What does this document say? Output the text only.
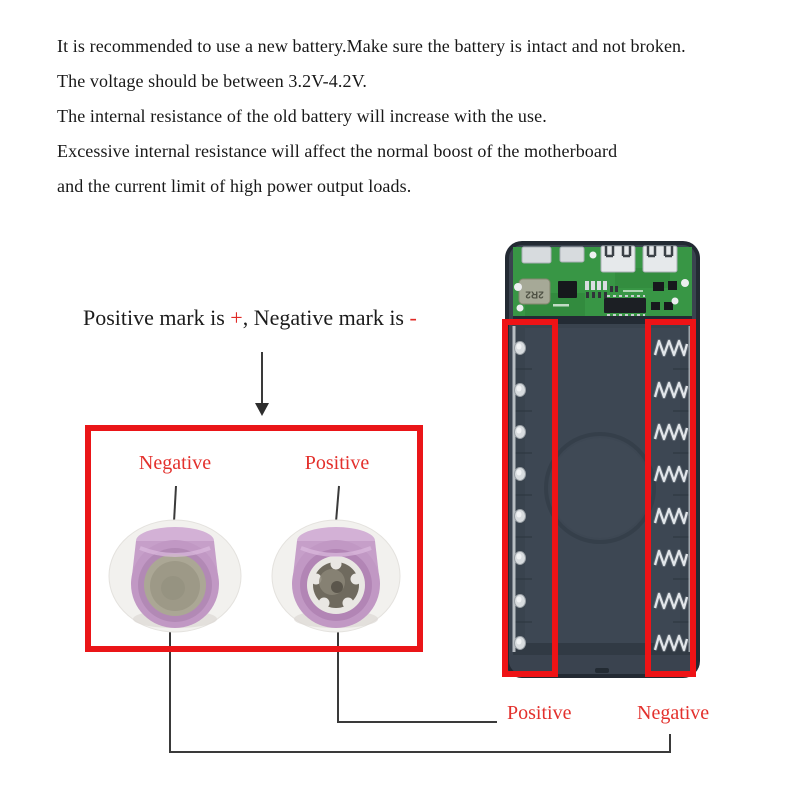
It is recommended to use a new battery.Make sure the battery is intact and not broken.

The voltage should be between 3.2V-4.2V.

The internal resistance of the old battery will increase with the use.

Excessive internal resistance will affect the normal boost of the motherboard

and the current limit of high power output loads.

Positive mark is +, Negative mark is -
Negative	Positive
2R2
Positive	Negative
